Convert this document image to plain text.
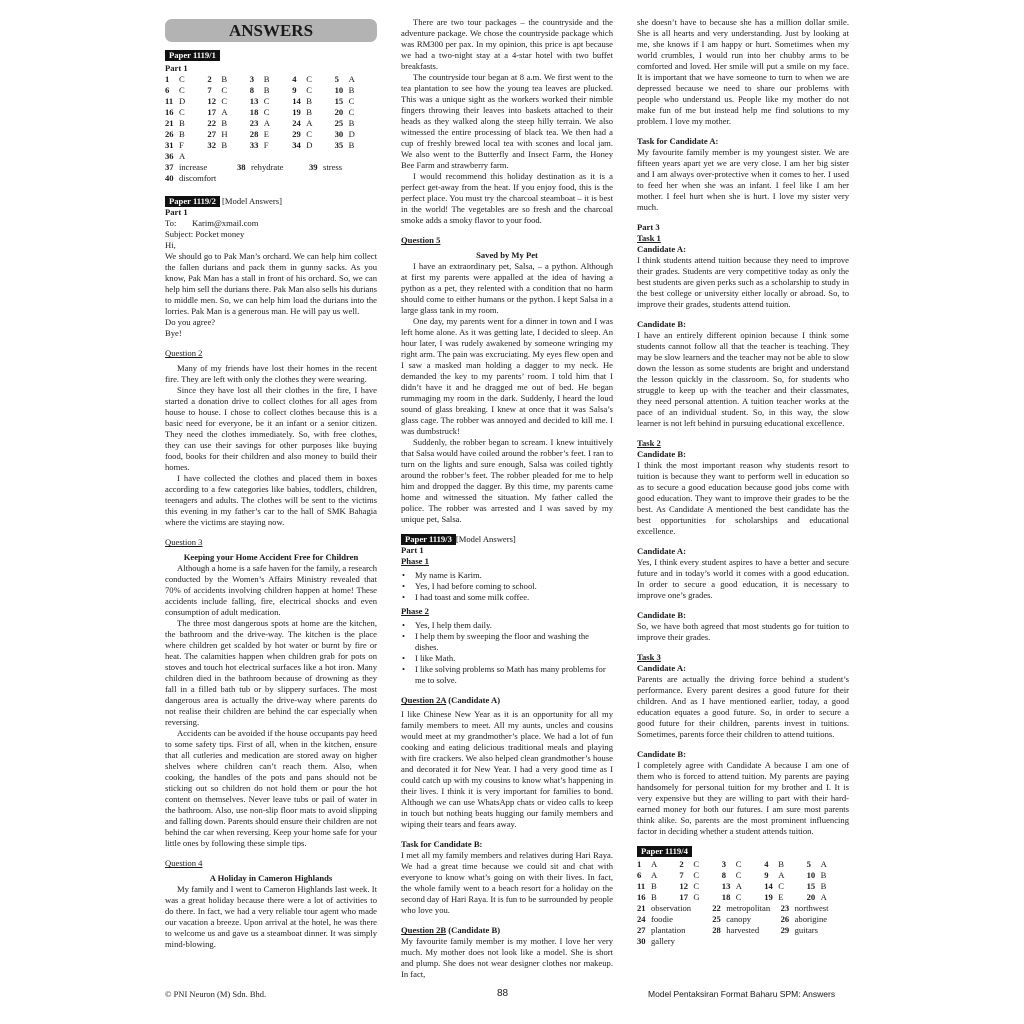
ANSWERS
Paper 1119/1
Part 1
1 C	2 B	3 B	4 C	5 A
6 C	7 C	8 B	9 C	10 B
11 D	12 C	13 C	14 B	15 C
16 C	17 A	18 C	19 B	20 C
21 B	22 B	23 A	24 A	25 B
26 B	27 H	28 E	29 C	30 D
31 F	32 B	33 F	34 D	35 B
36 A
37 increase	38 rehydrate	39 stress
40 discomfort
Paper 1119/2 [Model Answers]
Part 1
To:	Karim@xmail.com
Subject:
Pocket money
Hi,

We should go to Pak Man’s orchard. We can help him collect the fallen durians and pack them in gunny sacks. As you know, Pak Man has a stall in front of his orchard. So, we can help him sell the durians there. Pak Man also sells his durians to middle men. So, we can help him load the durians into the lorries. Pak Man is a generous man. He will pay us well.

Do you agree?
Bye!
Question 2

Many of my friends have lost their homes in the recent fire. They are left with only the clothes they were wearing.

Since they have lost all their clothes in the fire, I have started a donation drive to collect clothes for all ages from house to house. I chose to collect clothes because this is a basic need for everyone, be it an infant or a senior citizen. They need the clothes immediately. So, with free clothes, they can use their savings for other purposes like buying food, books for their children and also money to build their homes.

I have collected the clothes and placed them in boxes according to a few categories like babies, toddlers, children, teenagers and adults. The clothes will be sent to the victims this evening in my father’s car to the hall of SMK Bahagia where the victims are staying now.

Question 3
Keeping your Home Accident Free for Children

Although a home is a safe haven for the family, a research conducted by the Women’s Affairs Ministry revealed that 70% of accidents involving children happen at home! These accidents include falling, fire, electrical shocks and even consumption of adult medication.

The three most dangerous spots at home are the kitchen, the bathroom and the drive-way. The kitchen is the place where children get scalded by hot water or burnt by fire or heat. The calamities happen when children grab for pots on stoves and touch hot electrical surfaces like a hot iron. Many children died in the bathroom because of drowning as they fall in a filled bath tub or by slippery surfaces. The most dangerous area is actually the drive-way where parents do not realise their children are behind the car especially when reversing.

Accidents can be avoided if the house occupants pay heed to some safety tips. First of all, when in the kitchen, ensure that all cutleries and medication are stored away on higher shelves where children can’t reach them. Also, when cooking, the handles of the pots and pans should not be sticking out so children do not hold them or pour the hot content on themselves. Never leave tubs or pail of water in the bathroom. Also, use non-slip floor mats to avoid slipping and falling down. Parents should ensure their children are not behind the car when reversing. Keep your home safe for your little ones by following these simple tips.

Question 4
A Holiday in Cameron Highlands

My family and I went to Cameron Highlands last week. It was a great holiday because there were a lot of activities to do there. In fact, we had a very reliable tour agent who made our vacation a breeze. Upon arrival at the hotel, he was there to welcome us and gave us a steamboat dinner. It was simply mind-blowing.

There are two tour packages – the countryside and the adventure package. We chose the countryside package which was RM300 per pax. In my opinion, this price is apt because we had a two-night stay at a 4-star hotel with two buffet breakfasts.

The countryside tour began at 8 a.m. We first went to the tea plantation to see how the young tea leaves are plucked. This was a unique sight as the workers worked their nimble fingers throwing their leaves into baskets attached to their heads as they walked along the steep hilly terrain. We also witnessed the entire processing of black tea. We then had a cup of freshly brewed local tea with scones and local jam. We also went to the Butterfly and Insect Farm, the Honey Bee Farm and strawberry farm.

I would recommend this holiday destination as it is a perfect get-away from the heat. If you enjoy food, this is the perfect place. You must try the charcoal steamboat – it is best in the world! The vegetables are so fresh and the charcoal smoke adds a smoky flavor to your food.

Question 5
Saved by My Pet

I have an extraordinary pet, Salsa, – a python. Although at first my parents were appalled at the idea of having a python as a pet, they relented with a condition that no harm should come to either humans or the python. I kept Salsa in a large glass tank in my room.

One day, my parents went for a dinner in town and I was left home alone. As it was getting late, I decided to sleep. An hour later, I was rudely awakened by someone wringing my right arm. The pain was excruciating. My eyes flew open and I saw a masked man holding a dagger to my neck. He demanded the key to my parents’ room. I told him that I didn’t have it and he dragged me out of bed. He began rummaging my room in the dark. Suddenly, I heard the loud sound of glass breaking. I knew at once that it was Salsa’s glass cage. The robber was annoyed and decided to kill me. I was dumbstruck!

Suddenly, the robber began to scream. I knew intuitively that Salsa would have coiled around the robber’s feet. I ran to turn on the lights and sure enough, Salsa was coiled tightly around the robber’s feet. The robber pleaded for me to help him and dropped the dagger. By this time, my parents came home and witnessed the situation. My father called the police. The robber was arrested and I was saved by my unique pet, Salsa.

Paper 1119/3 [Model Answers]
Part 1
Phase 1
• My name is Karim.
• Yes, I had before coming to school.
• I had toast and some milk coffee.
Phase 2
• Yes, I help them daily.
• I help them by sweeping the floor and washing the dishes.
• I like Math.
• I like solving problems so Math has many problems for me to solve.
Question 2A (Candidate A)

I like Chinese New Year as it is an opportunity for all my family members to meet. All my aunts, uncles and cousins would meet at my grandmother’s place. We had a lot of fun cooking and eating delicious traditional meals and playing with fire crackers. We also helped clean grandmother’s house and decorated it for New Year. I had a very good time as I could catch up with my cousins to know what’s happening in their lives. I think it is very important for families to bond. Although we can use WhatsApp chats or video calls to keep in touch but nothing beats hugging our family members and wiping their tears and fears away.

Task for Candidate B:

I met all my family members and relatives during Hari Raya. We had a great time because we could sit and chat with everyone to know what’s going on with their lives. In fact, the whole family went to a beach resort for a holiday on the second day of Hari Raya. It is fun to be surrounded by people who love you.

Question 2B (Candidate B)

My favourite family member is my mother. I love her very much. My mother does not look like a model. She is short and plump. She does not wear designer clothes nor makeup. In fact,

she doesn’t have to because she has a million dollar smile. She is all hearts and very understanding. Just by looking at me, she knows if I am happy or hurt. Sometimes when my world crumbles, I would run into her chubby arms to be comforted and loved. Her smile will put a smile on my face. It is important that we have someone to turn to when we are depressed because we need to share our problems with people who understand us. People like my mother do not make fun of me but instead help me find solutions to my problem. I love my mother.

Task for Candidate A:

My favourite family member is my youngest sister. We are fifteen years apart yet we are very close. I am her big sister and I am always over-protective when it comes to her. I used to feed her when she was an infant. I feel like I am her mother. I feel hurt when she is hurt. I love my sister very much.

Part 3
Task 1
Candidate A:

I think students attend tuition because they need to improve their grades. Students are very competitive today as only the best students are given perks such as a scholarship to study in the best college or university either locally or abroad. So, to improve their grades, students attend tuition.

Candidate B:

I have an entirely different opinion because I think some students cannot follow all that the teacher is teaching. They may be slow learners and the teacher may not be able to slow down the lesson as some students are bright and understand the lesson quickly in the classroom. So, for students who struggle to keep up with the teacher and their classmates, they need personal attention. A tuition teacher works at the pace of an individual student. So, in this way, the slow learner is not left behind in pursuing educational excellence.

Task 2
Candidate B:

I think the most important reason why students resort to tuition is because they want to perform well in education so as to secure a good education because good jobs come with good education. They want to improve their grades to be the best. As Candidate A mentioned the best candidate has the best opportunities for scholarships and educational excellence.

Candidate A:

Yes, I think every student aspires to have a better and secure future and in today’s world it comes with a good education. In order to secure a good education, it is necessary to improve one’s grades.

Candidate B:

So, we have both agreed that most students go for tuition to improve their grades.

Task 3
Candidate A:

Parents are actually the driving force behind a student’s performance. Every parent desires a good future for their children. And as I have mentioned earlier, today, a good education equates a good future. So, in order to secure a good future for their children, parents invest in tuitions. Sometimes, parents force their children to attend tuitions.

Candidate B:

I completely agree with Candidate A because I am one of them who is forced to attend tuition. My parents are paying handsomely for personal tuition for my brother and I. It is very expensive but they are willing to part with their hard-earned money for both our futures. I am sure most parents think alike. So, parents are the most prominent influencing factor in deciding whether a student attends tuition.

Paper 1119/4
1 A	2 C	3 C	4 B	5 A
6 A	7 C	8 C	9 A	10 B
11 B	12 C	13 A	14 C	15 B
16 B	17 G	18 C	19 E	20 A
21 observation	22 metropolitan	23 northwest
24 foodie	25 canopy	26 aborigine
27 plantation	28 harvested	29 guitars
30 gallery
© PNI Neuron (M) Sdn. Bhd.	88	Model Pentaksiran Format Baharu SPM: Answers
